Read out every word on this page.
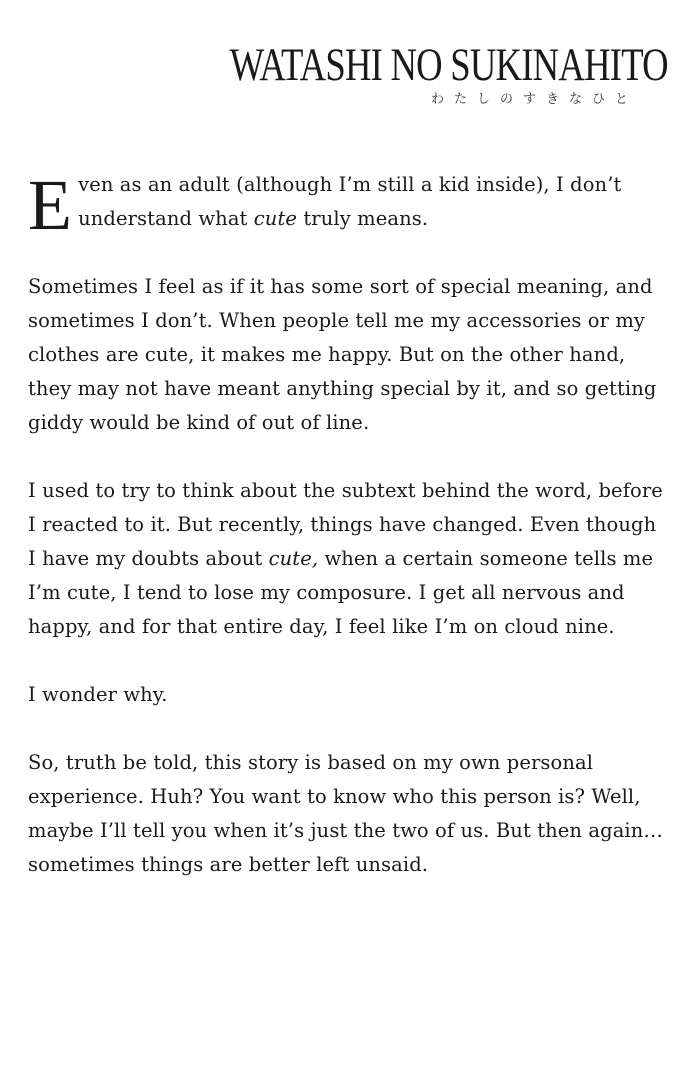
WATASHI NO SUKINAHITO
わたしのすきなひと

Even as an adult (although I’m still a kid inside), I don’t understand what cute truly means.

Sometimes I feel as if it has some sort of special meaning, and sometimes I don’t. When people tell me my accessories or my clothes are cute, it makes me happy. But on the other hand, they may not have meant anything special by it, and so getting giddy would be kind of out of line.

I used to try to think about the subtext behind the word, before I reacted to it. But recently, things have changed. Even though I have my doubts about cute, when a certain someone tells me I’m cute, I tend to lose my composure. I get all nervous and happy, and for that entire day, I feel like I’m on cloud nine.

I wonder why.

So, truth be told, this story is based on my own personal experience. Huh? You want to know who this person is? Well, maybe I’ll tell you when it’s just the two of us. But then again…sometimes things are better left unsaid.
